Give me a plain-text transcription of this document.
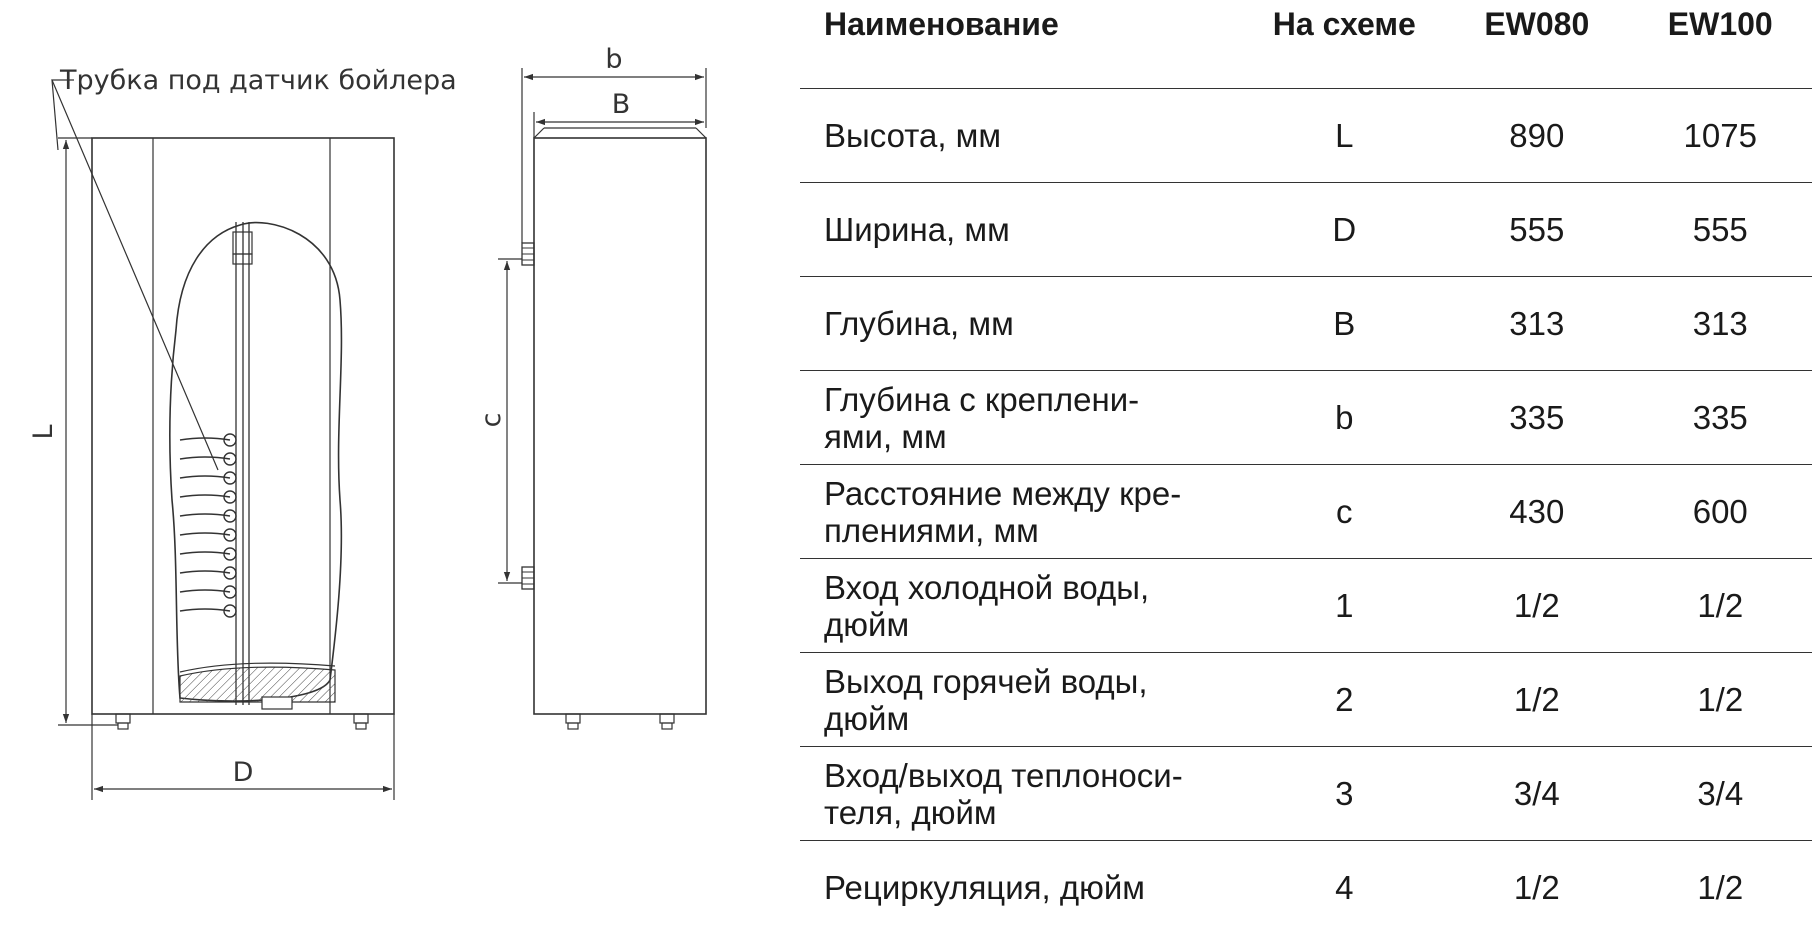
Трубка под датчик бойлера
L
D
b
B
c
Наименование	На схеме	EW080	EW100
Высота, мм	L	890	1075
Ширина, мм	D	555	555
Глубина, мм	B	313	313
Глубина с креплени-
ями, мм	b	335	335
Расстояние между кре-
плениями, мм	c	430	600
Вход холодной воды,
дюйм	1	1/2	1/2
Выход горячей воды,
дюйм	2	1/2	1/2
Вход/выход теплоноси-
теля, дюйм	3	3/4	3/4
Рециркуляция, дюйм	4	1/2	1/2
